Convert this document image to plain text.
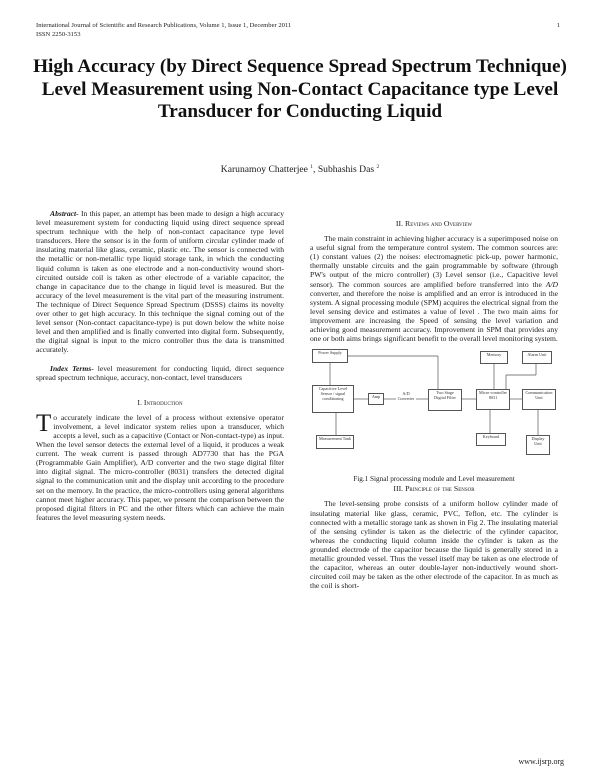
International Journal of Scientific and Research Publications, Volume 1, Issue 1, December 2011
ISSN 2250-3153
1
High Accuracy (by Direct Sequence Spread Spectrum Technique) Level Measurement using Non-Contact Capacitance type Level Transducer for Conducting Liquid
Karunamoy Chatterjee $^1$, Subhashis Das $^2$

Abstract- In this paper, an attempt has been made to design a high accuracy level measurement system for conducting liquid using direct sequence spread spectrum technique with the help of non-contact capacitance type level transducers. Here the sensor is in the form of uniform circular cylinder made of insulating material like glass, ceramic, plastic etc. The sensor is connected with the metallic or non-metallic type liquid storage tank, in which the conducting liquid column is taken as one electrode and a non-conductivity wound short-circuited outside coil is taken as other electrode of a variable capacitor, the change in capacitance due to the change in liquid level is measured. But the accuracy of the level measurement is the vital part of the measuring instrument. The technique of Direct Sequence Spread Spectrum (DSSS) claims its novelty over other to get high accuracy. In this technique the signal coming out of the level sensor (Non-contact capacitance-type) is put down below the white noise level and then amplified and is finally converted into digital form. Subsequently, the digital signal is input to the micro controller thus the data is transmitted accurately.

Index Terms- level measurement for conducting liquid, direct sequence spread spectrum technique, accuracy, non-contact, level transducers

I. Introduction

To accurately indicate the level of a process without extensive operator involvement, a level indicator system relies upon a transducer, which accepts a level, such as a capacitive (Contact or Non-contact-type) as input. When the level sensor detects the external level of a liquid, it produces a weak current. The weak current is passed through AD7730 that has the PGA (Programmable Gain Amplifier), A/D converter and the two stage digital filter into digital signal. The micro-controller (8031) transfers the detected digital signal to the communication unit and the display unit according to the procedure set on the memory. In the practice, the micro-controllers using general algorithms cannot meet higher accuracy. This paper, we present the comparison between the proposed digital filters in PC and the other filters which can achieve the main features the level measuring system needs.

II. Reviews and Overview

The main constraint in achieving higher accuracy is a superimposed noise on a useful signal from the temperature control system. The common sources are: (1) constant values (2) the noises: electromagnetic pick-up, power harmonic, thermally unstable circuits and the gain programmable by software (through PW's output of the micro controller) (3) Level sensor (i.e., Capacitive level sensor). The common sources are amplified before transferred into the A/D converter, and therefore the noise is amplified and an error is introduced in the system. A signal processing module (SPM) acquires the electrical signal from the level sensing device and estimates a value of level . The two main aims for improvement are increasing the Speed of sensing the level variation and achieving good measurement accuracy. Improvement in SPM that provides any one or both aims brings significant benefit to the overall level monitoring system.

Power Supply
Capacitive Level Sensor / signal conditioning	Amp
A/D Converter
Two Stage Digital Filter
Micro-controller 8031
Memory	Alarm Unit
Communication Unit
Keyboard	Display Unit
Measurement Tank

Fig.1 Signal processing module and Level measurement

III. Principle of the Sensor

The level-sensing probe consists of a uniform hollow cylinder made of insulating material like glass, ceramic, PVC, Teflon, etc. The cylinder is connected with a metallic storage tank as shown in Fig 2. The insulating material of the sensing cylinder is taken as the dielectric of the cylinder capacitor, whereas the conducting liquid column inside the cylinder is taken as the grounded electrode of the capacitor because the liquid is generally stored in a metallic grounded vessel. Thus the vessel itself may be taken as one electrode of the capacitor, whereas an outer double-layer non-inductively wound short-circuited coil may be taken as the other electrode of the capacitor. In as much as the coil is short-

www.ijsrp.org
